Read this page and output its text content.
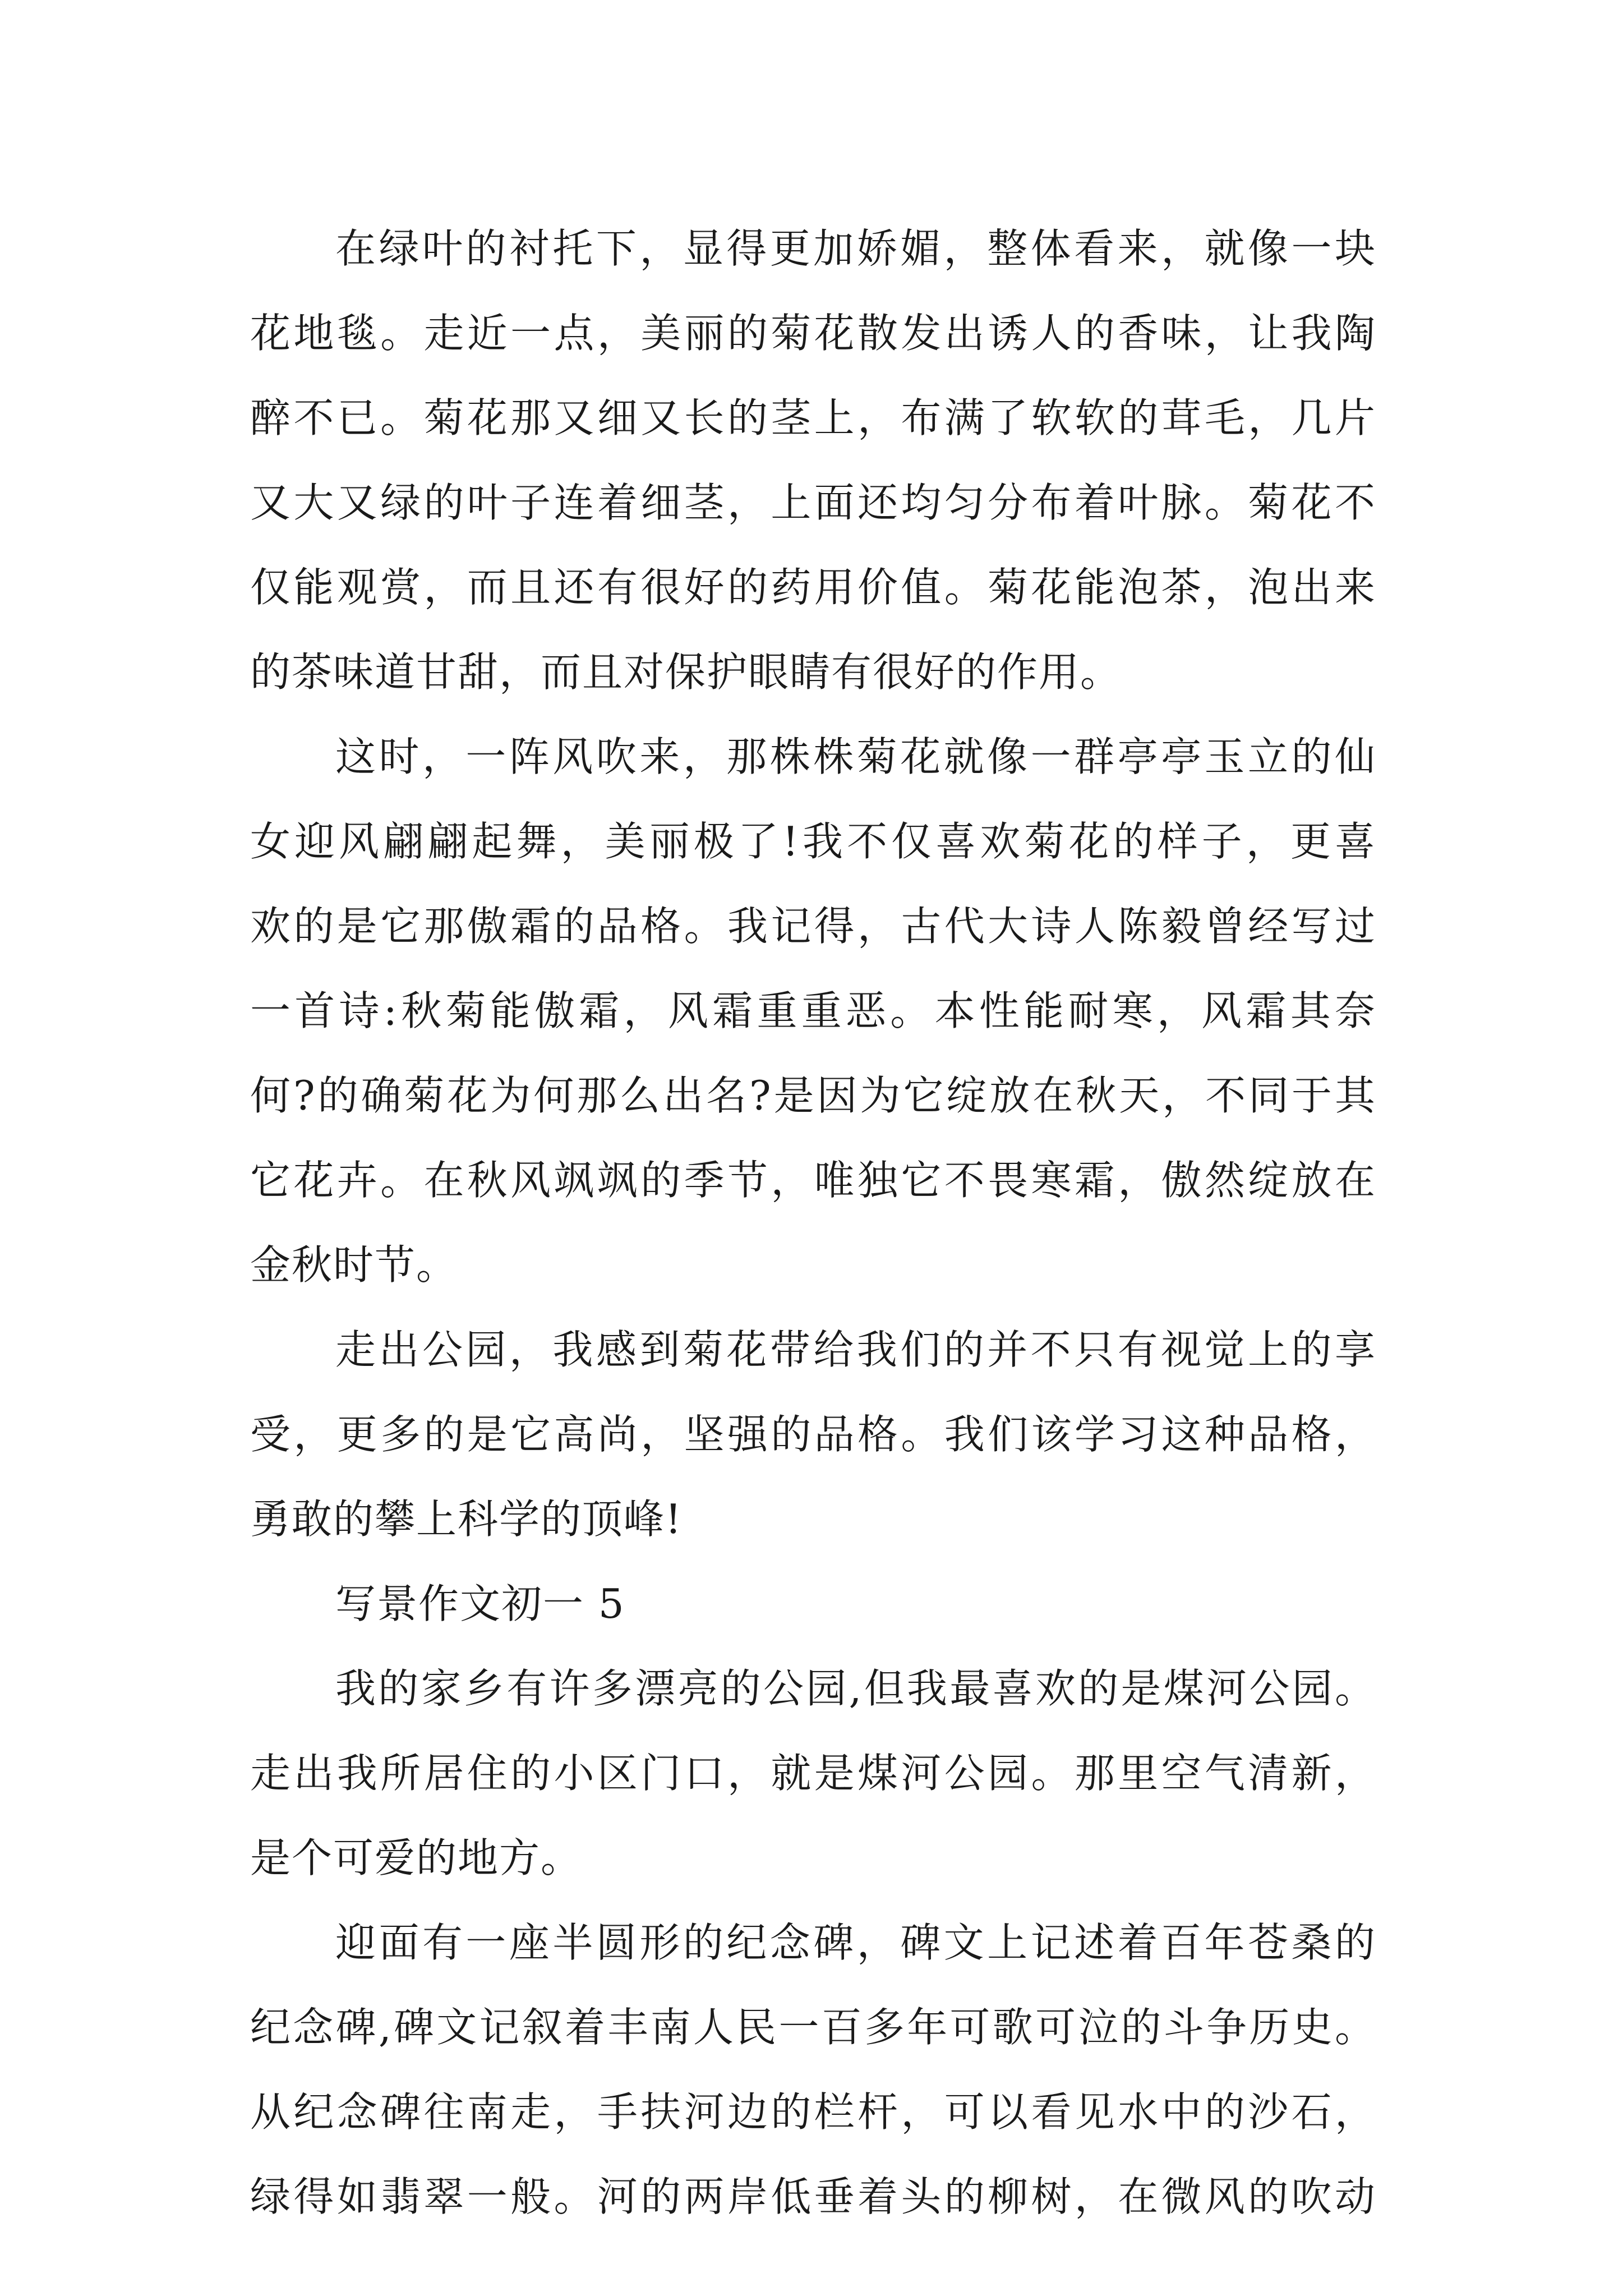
在绿叶的衬托下，显得更加娇媚，整体看来，就像一块
花地毯。走近一点，美丽的菊花散发出诱人的香味，让我陶
醉不已。菊花那又细又长的茎上，布满了软软的茸毛，几片
又大又绿的叶子连着细茎，上面还均匀分布着叶脉。菊花不
仅能观赏，而且还有很好的药用价值。菊花能泡茶，泡出来
的茶味道甘甜，而且对保护眼睛有很好的作用。
这时，一阵风吹来，那株株菊花就像一群亭亭玉立的仙
女迎风翩翩起舞，美丽极了!我不仅喜欢菊花的样子，更喜
欢的是它那傲霜的品格。我记得，古代大诗人陈毅曾经写过
一首诗:秋菊能傲霜，风霜重重恶。本性能耐寒，风霜其奈
何?的确菊花为何那么出名?是因为它绽放在秋天，不同于其
它花卉。在秋风飒飒的季节，唯独它不畏寒霜，傲然绽放在
金秋时节。
走出公园，我感到菊花带给我们的并不只有视觉上的享
受，更多的是它高尚，坚强的品格。我们该学习这种品格，
勇敢的攀上科学的顶峰!
写景作文初一 5
我的家乡有许多漂亮的公园,但我最喜欢的是煤河公园。
走出我所居住的小区门口，就是煤河公园。那里空气清新，
是个可爱的地方。
迎面有一座半圆形的纪念碑，碑文上记述着百年苍桑的
纪念碑,碑文记叙着丰南人民一百多年可歌可泣的斗争历史。
从纪念碑往南走，手扶河边的栏杆，可以看见水中的沙石，
绿得如翡翠一般。河的两岸低垂着头的柳树，在微风的吹动
